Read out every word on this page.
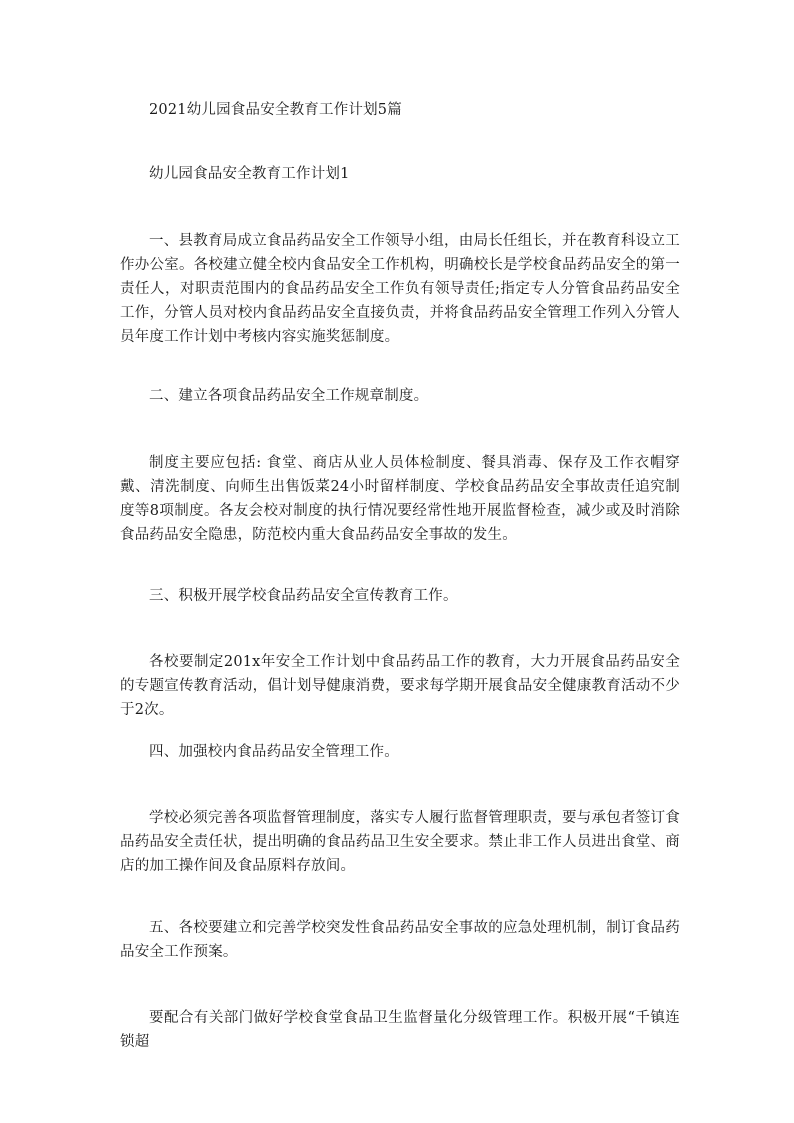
2021幼儿园食品安全教育工作计划5篇
幼儿园食品安全教育工作计划1
一、县教育局成立食品药品安全工作领导小组，由局长任组长，并在教育科设立工作办公室。各校建立健全校内食品安全工作机构，明确校长是学校食品药品安全的第一责任人，对职责范围内的食品药品安全工作负有领导责任;指定专人分管食品药品安全工作，分管人员对校内食品药品安全直接负责，并将食品药品安全管理工作列入分管人员年度工作计划中考核内容实施奖惩制度。
二、建立各项食品药品安全工作规章制度。
制度主要应包括: 食堂、商店从业人员体检制度、餐具消毒、保存及工作衣帽穿戴、清洗制度、向师生出售饭菜24小时留样制度、学校食品药品安全事故责任追究制度等8项制度。各友会校对制度的执行情况要经常性地开展监督检查，减少或及时消除食品药品安全隐患，防范校内重大食品药品安全事故的发生。
三、积极开展学校食品药品安全宣传教育工作。
各校要制定201x年安全工作计划中食品药品工作的教育，大力开展食品药品安全的专题宣传教育活动，倡计划导健康消费，要求每学期开展食品安全健康教育活动不少于2次。
四、加强校内食品药品安全管理工作。
学校必须完善各项监督管理制度，落实专人履行监督管理职责，要与承包者签订食品药品安全责任状，提出明确的食品药品卫生安全要求。禁止非工作人员进出食堂、商店的加工操作间及食品原料存放间。
五、各校要建立和完善学校突发性食品药品安全事故的应急处理机制，制订食品药品安全工作预案。
要配合有关部门做好学校食堂食品卫生监督量化分级管理工作。积极开展“千镇连锁超
